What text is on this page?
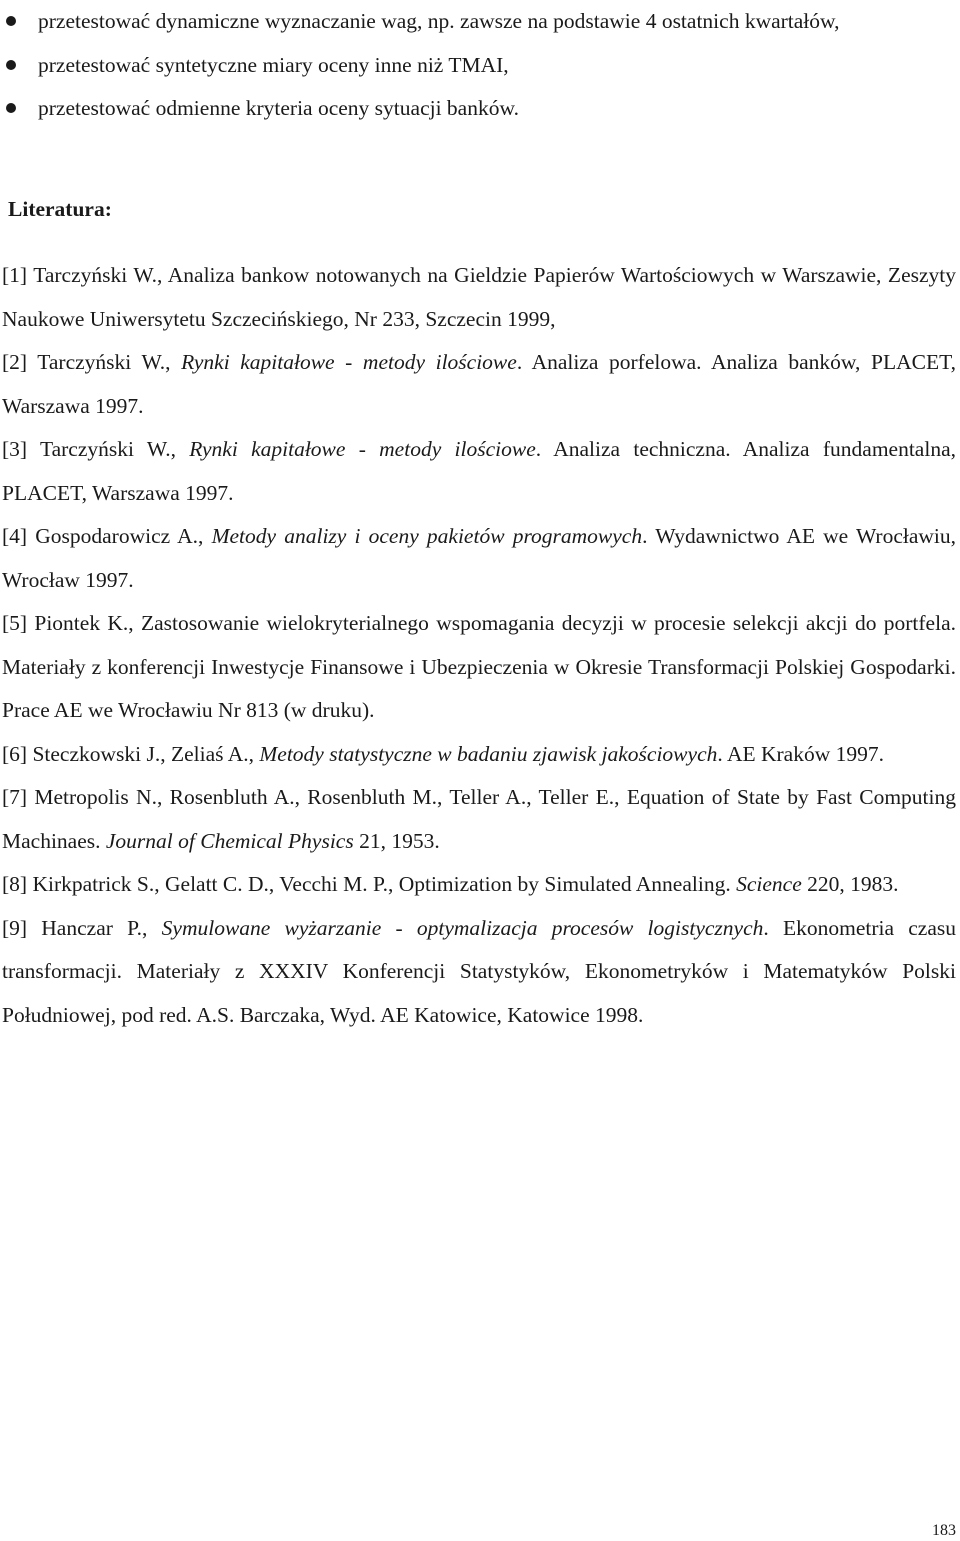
przetestować dynamiczne wyznaczanie wag, np. zawsze na podstawie 4 ostatnich kwartałów,
przetestować syntetyczne miary oceny inne niż TMAI,
przetestować odmienne kryteria oceny sytuacji banków.
Literatura:
[1] Tarczyński W., Analiza bankow notowanych na Gieldzie Papierów Wartościowych w Warszawie, Zeszyty Naukowe Uniwersytetu Szczecińskiego, Nr 233, Szczecin 1999,
[2] Tarczyński W., Rynki kapitałowe - metody ilościowe. Analiza porfelowa. Analiza banków, PLACET, Warszawa 1997.
[3] Tarczyński W., Rynki kapitałowe - metody ilościowe. Analiza techniczna. Analiza fundamentalna, PLACET, Warszawa 1997.
[4] Gospodarowicz A., Metody analizy i oceny pakietów programowych. Wydawnictwo AE we Wrocławiu, Wrocław 1997.
[5] Piontek K., Zastosowanie wielokryterialnego wspomagania decyzji w procesie selekcji akcji do portfela. Materiały z konferencji Inwestycje Finansowe i Ubezpieczenia w Okresie Transformacji Polskiej Gospodarki. Prace AE we Wrocławiu Nr 813 (w druku).
[6] Steczkowski J., Zeliaś A., Metody statystyczne w badaniu zjawisk jakościowych. AE Kraków 1997.
[7] Metropolis N., Rosenbluth A., Rosenbluth M., Teller A., Teller E., Equation of State by Fast Computing Machinaes. Journal of Chemical Physics 21, 1953.
[8] Kirkpatrick S., Gelatt C. D., Vecchi M. P., Optimization by Simulated Annealing. Science 220, 1983.
[9] Hanczar P., Symulowane wyżarzanie - optymalizacja procesów logistycznych. Ekonometria czasu transformacji. Materiały z XXXIV Konferencji Statystyków, Ekonometryków i Matematyków Polski Południowej, pod red. A.S. Barczaka, Wyd. AE Katowice, Katowice 1998.
183
